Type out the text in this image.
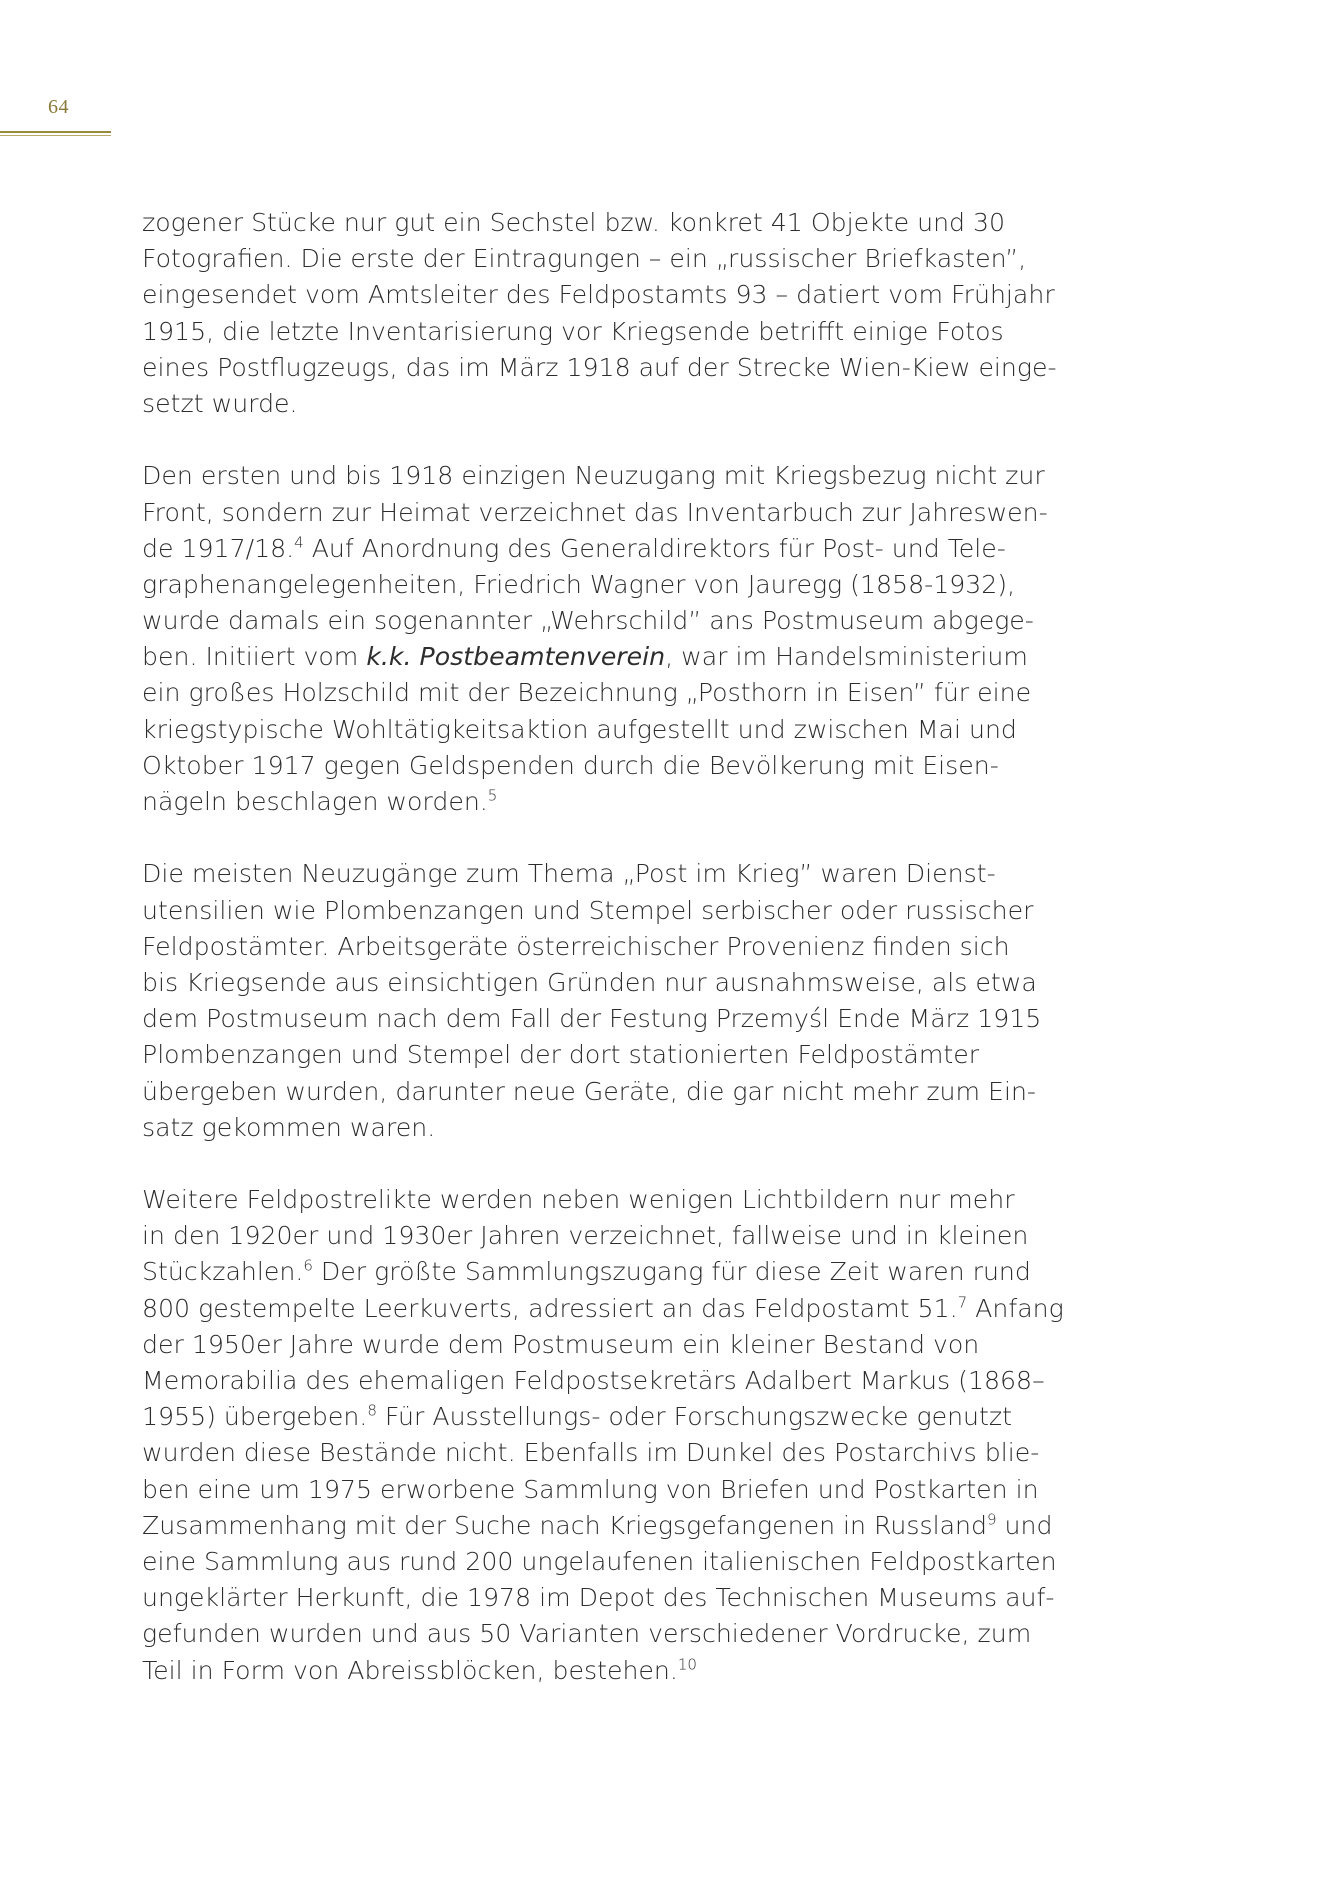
64

zogener Stücke nur gut ein Sechstel bzw. konkret 41 Objekte und 30

Fotografien. Die erste der Eintragungen – ein „russischer Briefkasten”,

eingesendet vom Amtsleiter des Feldpostamts 93 – datiert vom Frühjahr

1915, die letzte Inventarisierung vor Kriegsende betrifft einige Fotos

eines Postflugzeugs, das im März 1918 auf der Strecke Wien-Kiew einge-

setzt wurde.

Den ersten und bis 1918 einzigen Neuzugang mit Kriegsbezug nicht zur

Front, sondern zur Heimat verzeichnet das Inventarbuch zur Jahreswen-

de 1917/18.$^4$ Auf Anordnung des Generaldirektors für Post- und Tele-

graphenangelegenheiten, Friedrich Wagner von Jauregg (1858-1932),

wurde damals ein sogenannter „Wehrschild” ans Postmuseum abgege-

ben. Initiiert vom k.k. Postbeamtenverein, war im Handelsministerium

ein großes Holzschild mit der Bezeichnung „Posthorn in Eisen” für eine

kriegstypische Wohltätigkeitsaktion aufgestellt und zwischen Mai und

Oktober 1917 gegen Geldspenden durch die Bevölkerung mit Eisen-

nägeln beschlagen worden.$^5$

Die meisten Neuzugänge zum Thema „Post im Krieg” waren Dienst-

utensilien wie Plombenzangen und Stempel serbischer oder russischer

Feldpostämter. Arbeitsgeräte österreichischer Provenienz finden sich

bis Kriegsende aus einsichtigen Gründen nur ausnahmsweise, als etwa

dem Postmuseum nach dem Fall der Festung Przemyśl Ende März 1915

Plombenzangen und Stempel der dort stationierten Feldpostämter

übergeben wurden, darunter neue Geräte, die gar nicht mehr zum Ein-

satz gekommen waren.

Weitere Feldpostrelikte werden neben wenigen Lichtbildern nur mehr

in den 1920er und 1930er Jahren verzeichnet, fallweise und in kleinen

Stückzahlen.$^6$ Der größte Sammlungszugang für diese Zeit waren rund

800 gestempelte Leerkuverts, adressiert an das Feldpostamt 51.$^7$ Anfang

der 1950er Jahre wurde dem Postmuseum ein kleiner Bestand von

Memorabilia des ehemaligen Feldpostsekretärs Adalbert Markus (1868–

1955) übergeben.$^8$ Für Ausstellungs- oder Forschungszwecke genutzt

wurden diese Bestände nicht. Ebenfalls im Dunkel des Postarchivs blie-

ben eine um 1975 erworbene Sammlung von Briefen und Postkarten in

Zusammenhang mit der Suche nach Kriegsgefangenen in Russland$^9$ und

eine Sammlung aus rund 200 ungelaufenen italienischen Feldpostkarten

ungeklärter Herkunft, die 1978 im Depot des Technischen Museums auf-

gefunden wurden und aus 50 Varianten verschiedener Vordrucke, zum

Teil in Form von Abreissblöcken, bestehen.$^{10}$
